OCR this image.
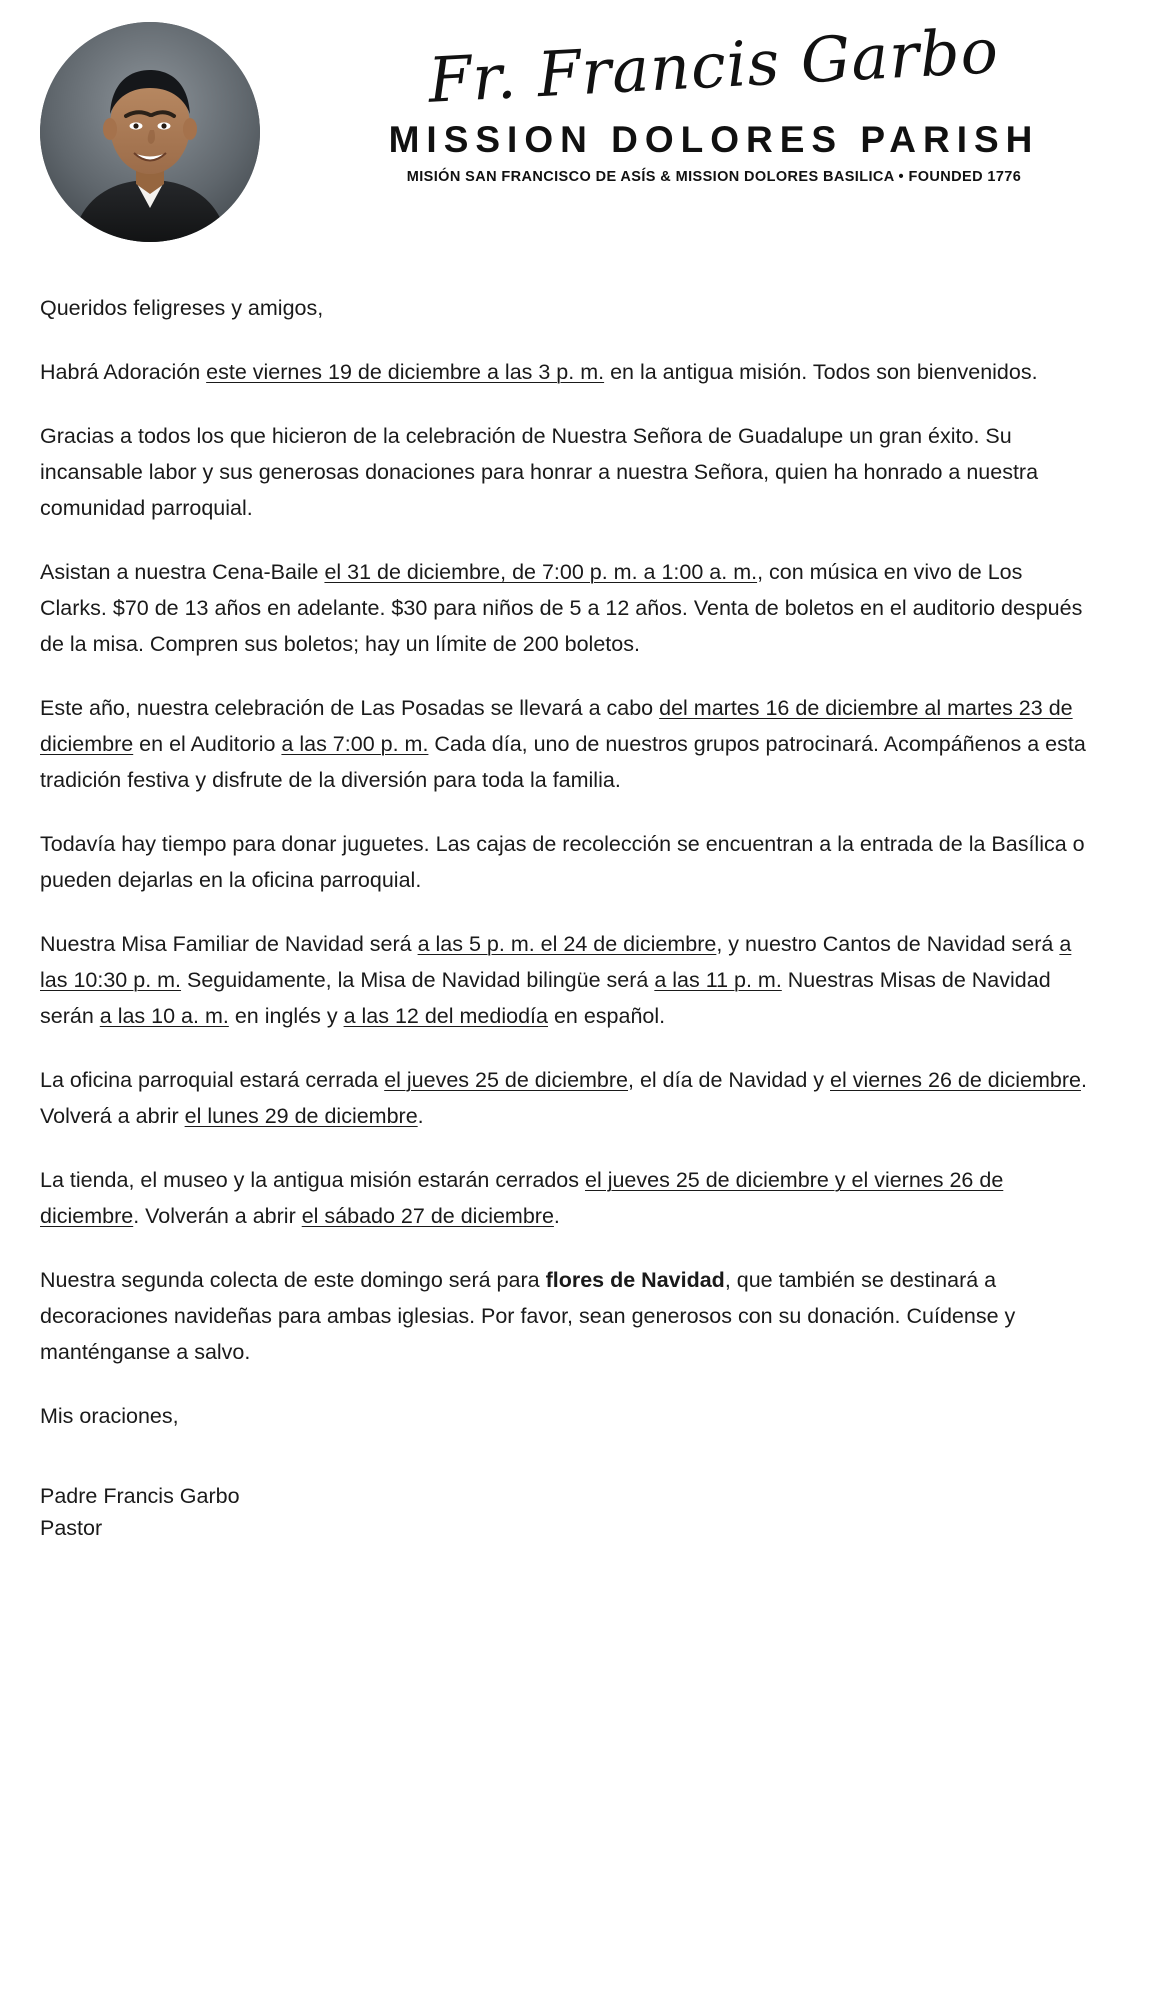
Fr. Francis Garbo
MISSION DOLORES PARISH
MISIÓN SAN FRANCISCO DE ASÍS & MISSION DOLORES BASILICA • FOUNDED 1776

Queridos feligreses y amigos,

Habrá Adoración este viernes 19 de diciembre a las 3 p. m. en la antigua misión. Todos son bienvenidos.

Gracias a todos los que hicieron de la celebración de Nuestra Señora de Guadalupe un gran éxito. Su incansable labor y sus generosas donaciones para honrar a nuestra Señora, quien ha honrado a nuestra comunidad parroquial.

Asistan a nuestra Cena-Baile el 31 de diciembre, de 7:00 p. m. a 1:00 a. m., con música en vivo de Los Clarks. $70 de 13 años en adelante. $30 para niños de 5 a 12 años. Venta de boletos en el auditorio después de la misa. Compren sus boletos; hay un límite de 200 boletos.

Este año, nuestra celebración de Las Posadas se llevará a cabo del martes 16 de diciembre al martes 23 de diciembre en el Auditorio a las 7:00 p. m. Cada día, uno de nuestros grupos patrocinará. Acompáñenos a esta tradición festiva y disfrute de la diversión para toda la familia.

Todavía hay tiempo para donar juguetes. Las cajas de recolección se encuentran a la entrada de la Basílica o pueden dejarlas en la oficina parroquial.

Nuestra Misa Familiar de Navidad será a las 5 p. m. el 24 de diciembre, y nuestro Cantos de Navidad será a las 10:30 p. m. Seguidamente, la Misa de Navidad bilingüe será a las 11 p. m. Nuestras Misas de Navidad serán a las 10 a. m. en inglés y a las 12 del mediodía en español.

La oficina parroquial estará cerrada el jueves 25 de diciembre, el día de Navidad y el viernes 26 de diciembre. Volverá a abrir el lunes 29 de diciembre.

La tienda, el museo y la antigua misión estarán cerrados el jueves 25 de diciembre y el viernes 26 de diciembre. Volverán a abrir el sábado 27 de diciembre.

Nuestra segunda colecta de este domingo será para flores de Navidad, que también se destinará a decoraciones navideñas para ambas iglesias. Por favor, sean generosos con su donación. Cuídense y manténganse a salvo.

Mis oraciones,

Padre Francis Garbo
Pastor
